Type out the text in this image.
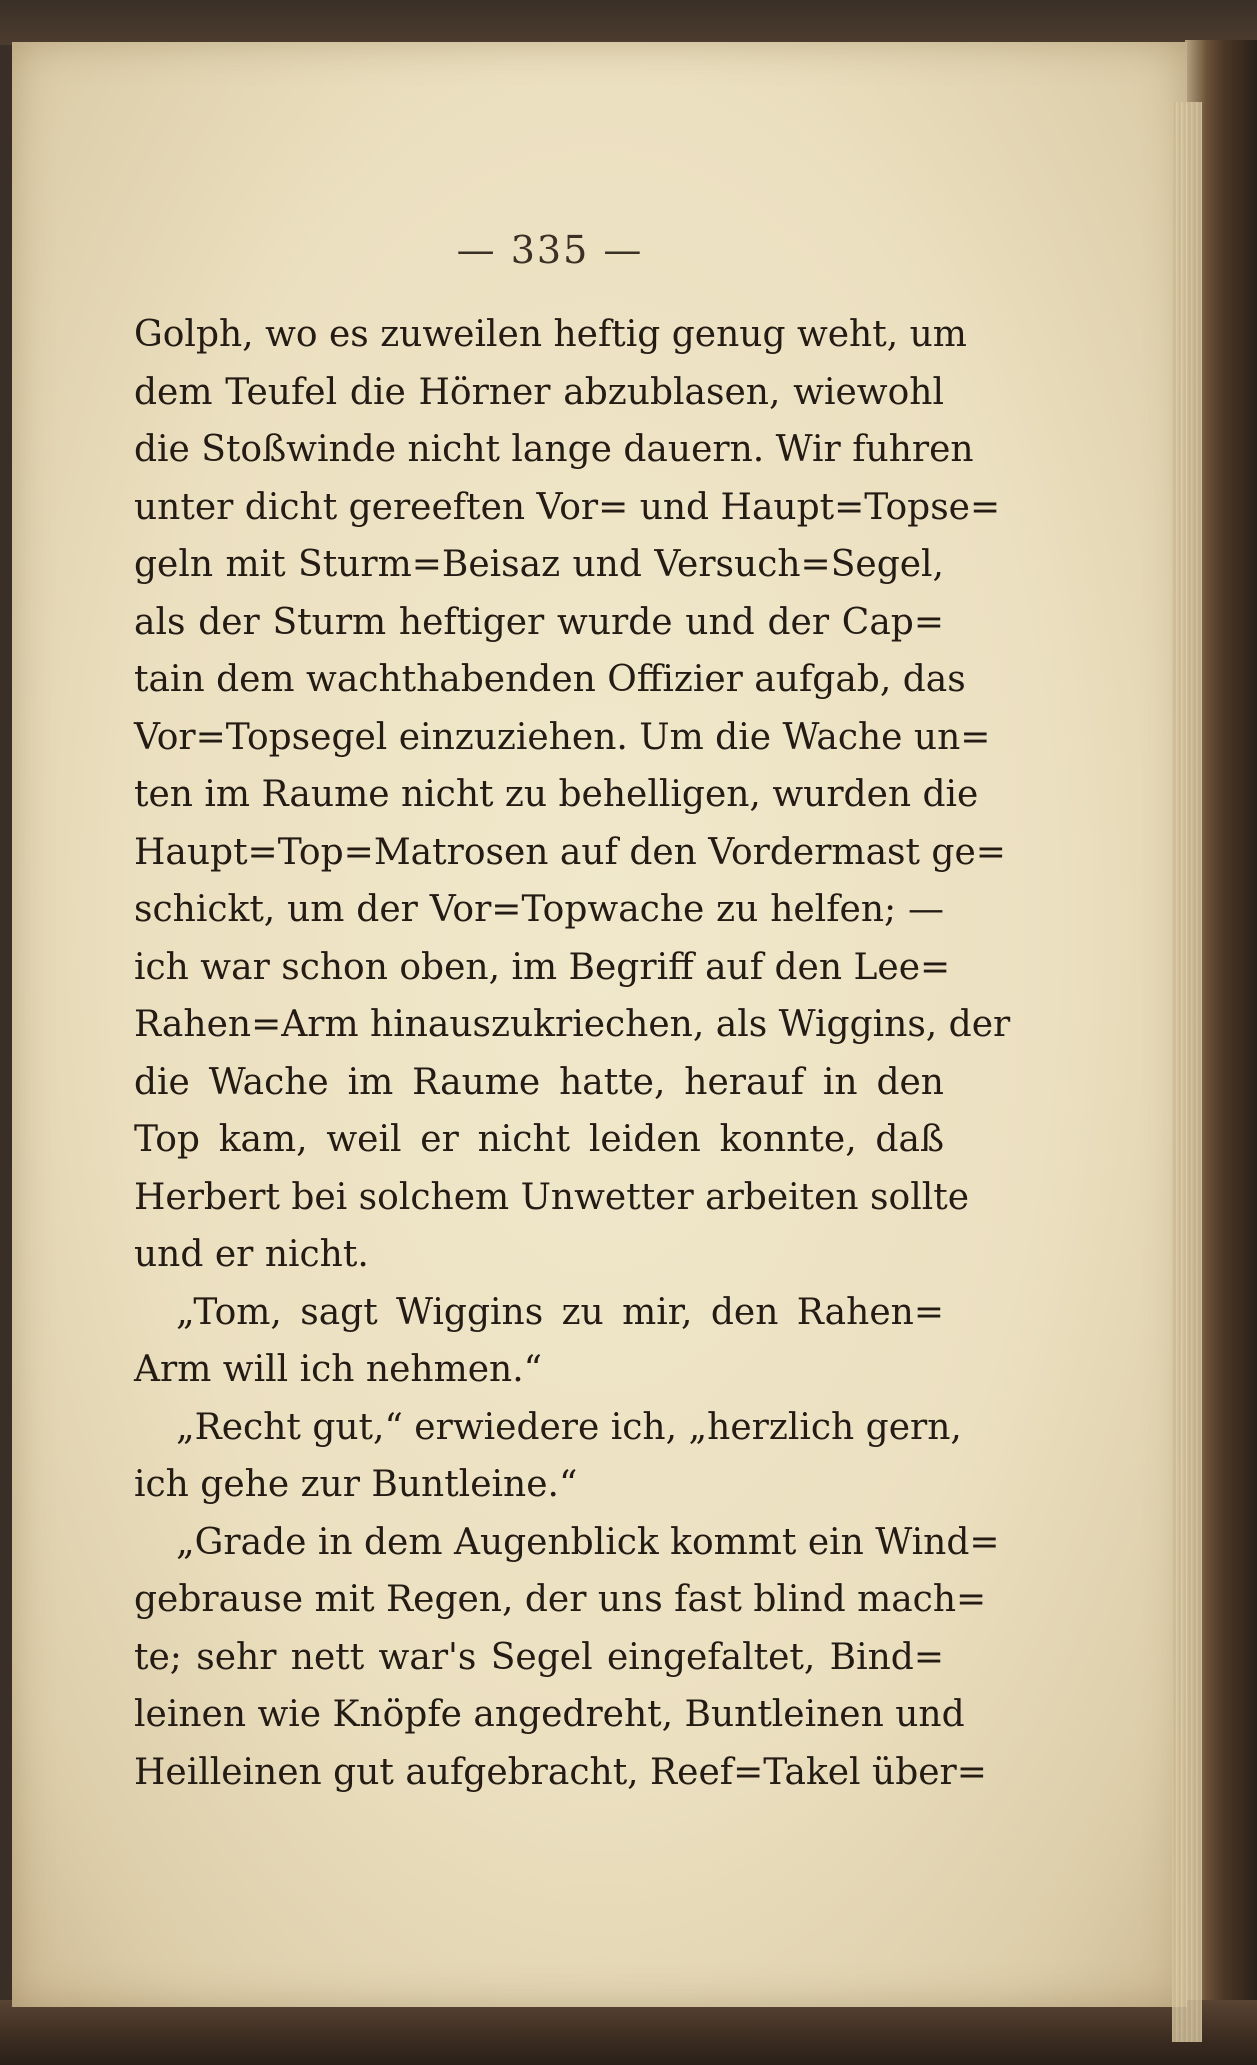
— 335 —
Golph, wo es zuweilen heftig genug weht, um
dem Teufel die Hörner abzublasen, wiewohl
die Stoßwinde nicht lange dauern. Wir fuhren
unter dicht gereeften Vor= und Haupt=Topse=
geln mit Sturm=Beisaz und Versuch=Segel,
als der Sturm heftiger wurde und der Cap=
tain dem wachthabenden Offizier aufgab, das
Vor=Topsegel einzuziehen. Um die Wache un=
ten im Raume nicht zu behelligen, wurden die
Haupt=Top=Matrosen auf den Vordermast ge=
schickt, um der Vor=Topwache zu helfen; —
ich war schon oben, im Begriff auf den Lee=
Rahen=Arm hinauszukriechen, als Wiggins, der
die Wache im Raume hatte, herauf in den
Top kam, weil er nicht leiden konnte, daß
Herbert bei solchem Unwetter arbeiten sollte
und er nicht.
„Tom, sagt Wiggins zu mir, den Rahen=
Arm will ich nehmen.“
„Recht gut,“ erwiedere ich, „herzlich gern,
ich gehe zur Buntleine.“
„Grade in dem Augenblick kommt ein Wind=
gebrause mit Regen, der uns fast blind mach=
te; sehr nett war's Segel eingefaltet, Bind=
leinen wie Knöpfe angedreht, Buntleinen und
Heilleinen gut aufgebracht, Reef=Takel über=
